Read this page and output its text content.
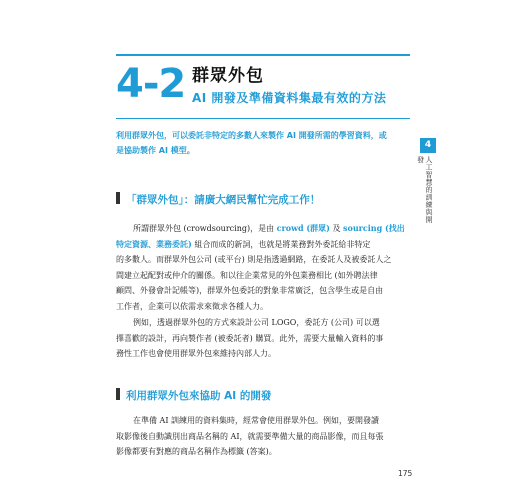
4-2 群眾外包
AI 開發及準備資料集最有效的方法
利用群眾外包，可以委託非特定的多數人來製作 AI 開發所需的學習資料，或
是協助製作 AI 模型。
4
人工智慧的訓練與開發
「群眾外包」：請廣大網民幫忙完成工作！
所謂群眾外包 (crowdsourcing)，是由 crowd (群眾) 及 sourcing (找出
特定資源、業務委託) 組合而成的新詞，也就是將業務對外委託給非特定
的多數人。而群眾外包公司 (或平台) 則是指透過網路，在委託人及被委託人之
間建立起配對或仲介的關係。和以往企業常見的外包業務相比 (如外聘法律
顧問、外發會計記帳等)，群眾外包委託的對象非常廣泛，包含學生或是自由
工作者，企業可以依需求來徵求各種人力。
例如，透過群眾外包的方式來設計公司 LOGO，委託方 (公司) 可以選
擇喜歡的設計，再向製作者 (被委託者) 購買。此外，需要大量輸入資料的事
務性工作也會使用群眾外包來維持內部人力。
利用群眾外包來協助 AI 的開發
在準備 AI 訓練用的資料集時，經常會使用群眾外包。例如，要開發讀
取影像後自動識別出商品名稱的 AI，就需要準備大量的商品影像，而且每張
影像都要有對應的商品名稱作為標籤 (答案)。
175
